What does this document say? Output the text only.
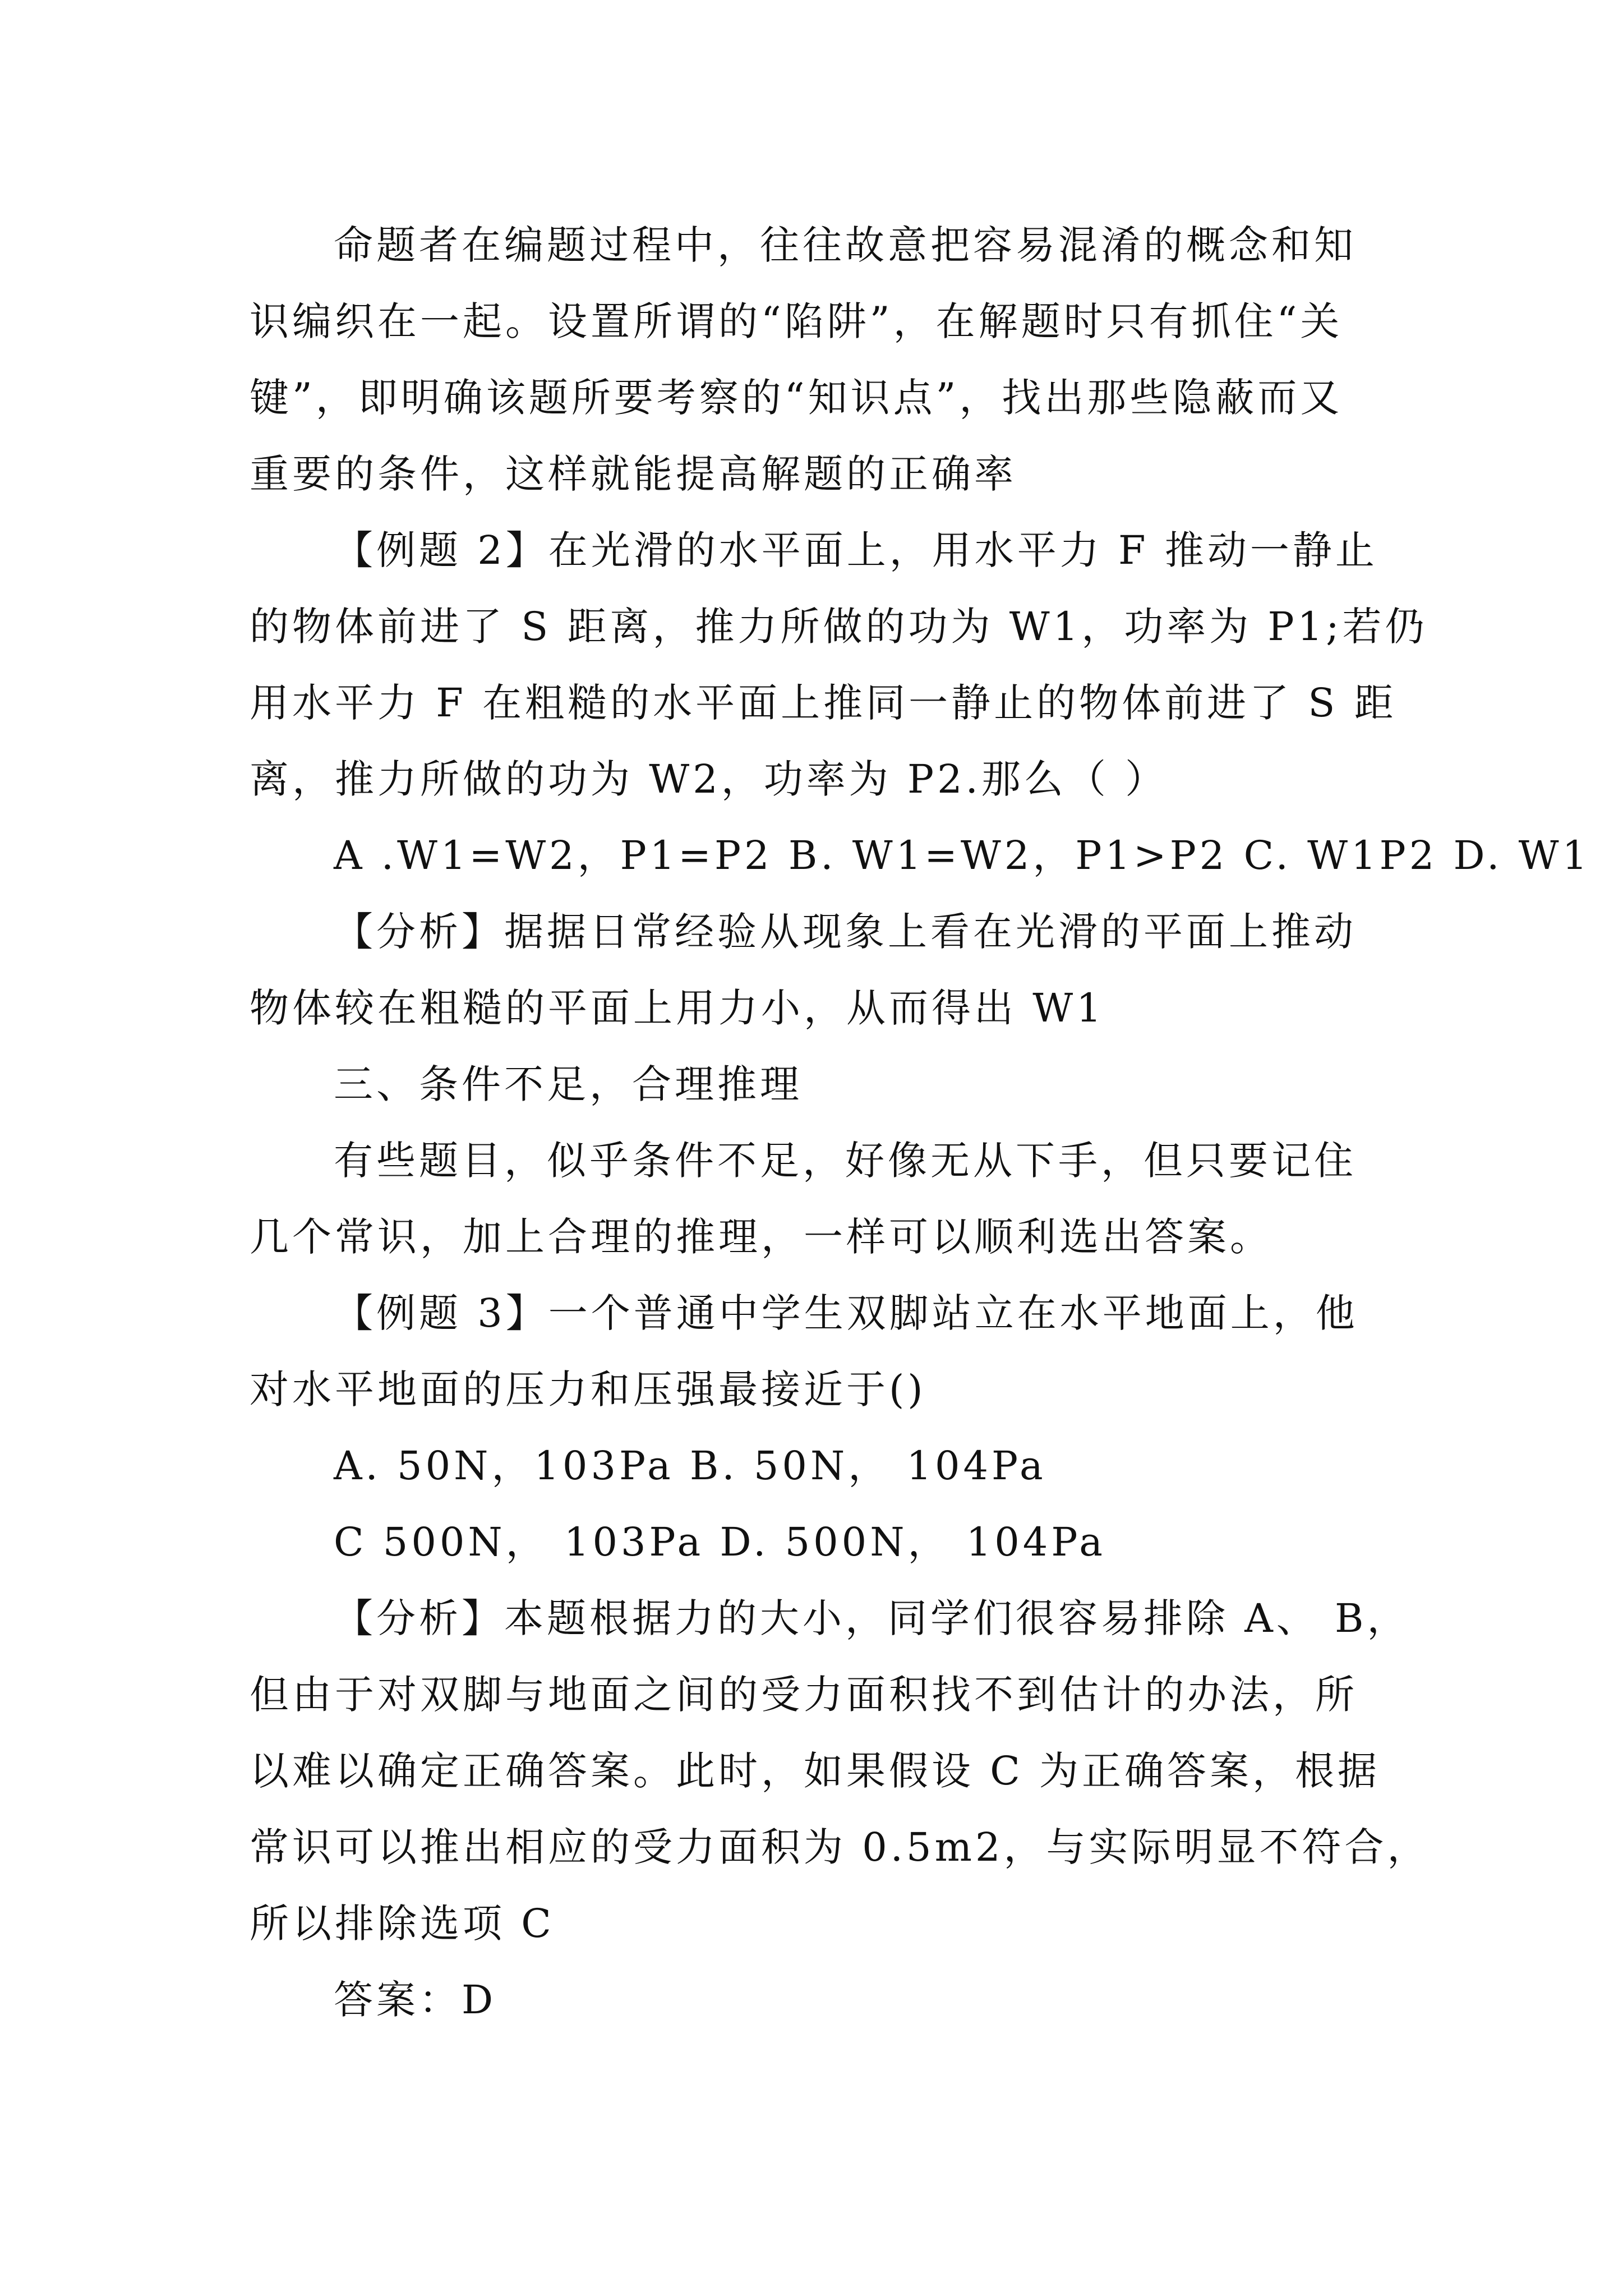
命题者在编题过程中，往往故意把容易混淆的概念和知
识编织在一起。设置所谓的“陷阱”，在解题时只有抓住“关
键”，即明确该题所要考察的“知识点”，找出那些隐蔽而又
重要的条件，这样就能提高解题的正确率
【例题 2】在光滑的水平面上，用水平力 F 推动一静止
的物体前进了 S 距离，推力所做的功为 W1，功率为 P1;若仍
用水平力 F 在粗糙的水平面上推同一静止的物体前进了 S 距
离，推力所做的功为 W2，功率为 P2.那么（ ）
A .W1=W2，P1=P2 B. W1=W2，P1>P2 C. W1P2 D. W1
【分析】据据日常经验从现象上看在光滑的平面上推动
物体较在粗糙的平面上用力小，从而得出 W1
三、条件不足，合理推理
有些题目，似乎条件不足，好像无从下手，但只要记住
几个常识，加上合理的推理，一样可以顺利选出答案。
【例题 3】一个普通中学生双脚站立在水平地面上，他
对水平地面的压力和压强最接近于()
A. 50N，103Pa B. 50N， 104Pa
C 500N， 103Pa D. 500N， 104Pa
【分析】本题根据力的大小，同学们很容易排除 A、 B，
但由于对双脚与地面之间的受力面积找不到估计的办法，所
以难以确定正确答案。此时，如果假设 C 为正确答案，根据
常识可以推出相应的受力面积为 0.5m2，与实际明显不符合，
所以排除选项 C
答案：D
